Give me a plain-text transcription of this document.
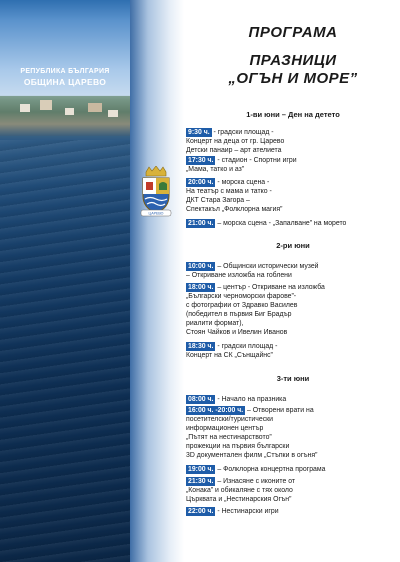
РЕПУБЛИКА БЪЛГАРИЯ
ОБЩИНА ЦАРЕВО
ЦАРЕВО
ПРОГРАМА
ПРАЗНИЦИ
„ОГЪН И МОРЕ”
1-ви юни – Ден на детето
9:30 ч. - градски площад -
Концерт на деца от гр. Царево
Детски панаир – арт ателиета
17:30 ч. - стадион - Спортни игри
„Мама, татко и аз”
20:00 ч. - морска сцена -
На театър с мама и татко -
ДКТ Стара Загора –
Спектакъл „Фолклорна магия”
21:00 ч. – морска сцена - „Запалване” на морето
2-ри юни
10:00 ч. – Общински исторически музей
– Откриване изложба на гоблени
18:00 ч. – център - Откриване на изложба
„Български черноморски фарове”-
с фотографии от Здравко Василев
(победител в първия Биг Брадър
риалити формат),
Стоян Чайков и Ивелин Иванов
18:30 ч. - градски площад -
Концерт на СК „Сънщайнс”
3-ти юни
08:00 ч. - Начало на празника
16:00 ч. -20:00 ч. – Отворени врати на
посетителски/туристически
информационен център
„Пътят на нестинарството”
прожекции на първия български
3D документален филм „Стъпки в огъня”
19:00 ч. – Фолклорна концертна програма
21:30 ч. – Изнасяне с иконите от
„Конака” и обикаляне с тях около
Църквата и „Нестинарския Огън”
22:00 ч. - Нестинарски игри
